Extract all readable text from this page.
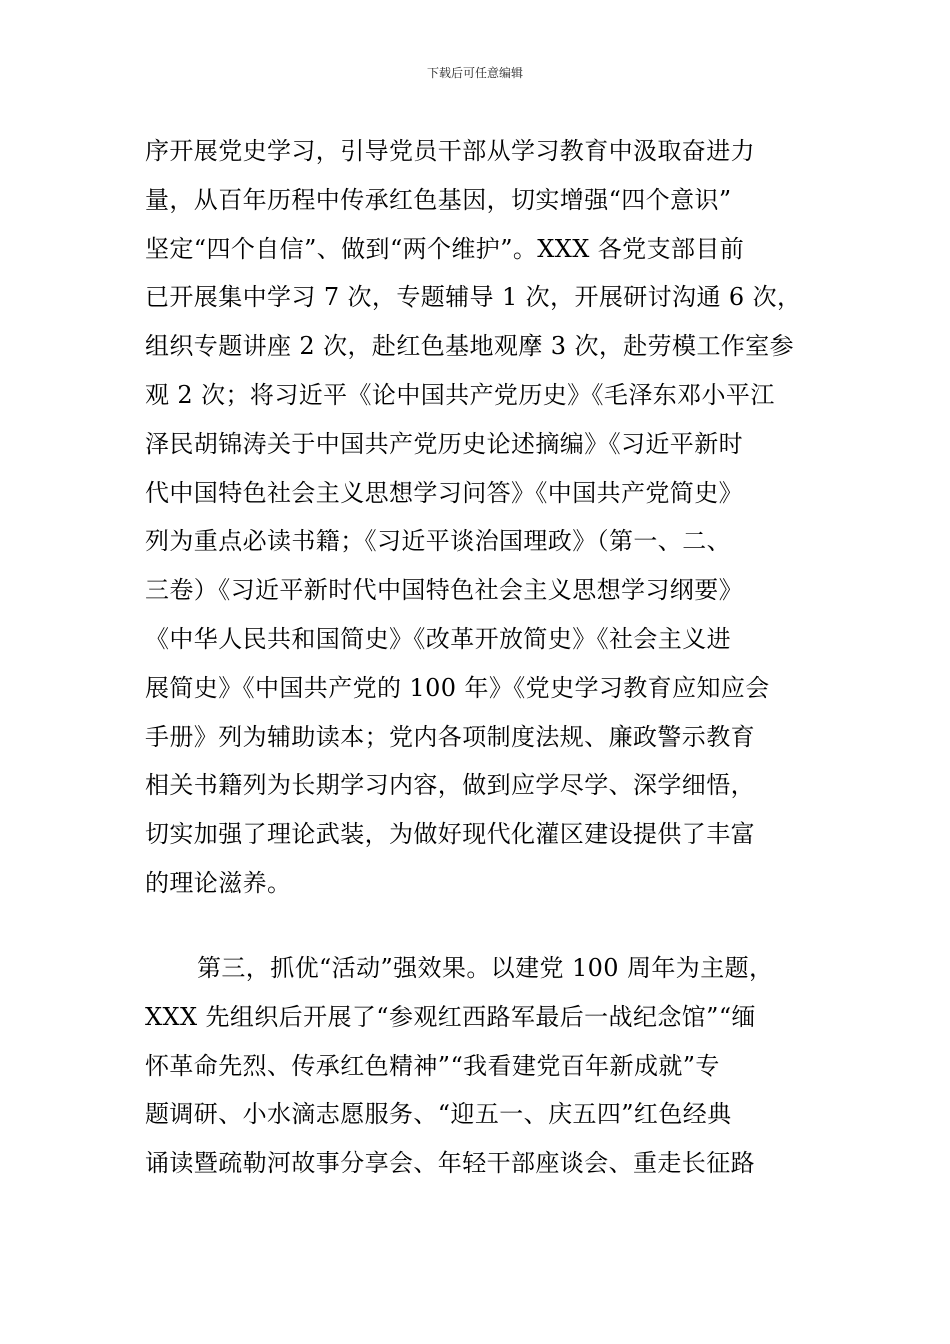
下载后可任意编辑
序开展党史学习，引导党员干部从学习教育中汲取奋进力
量，从百年历程中传承红色基因，切实增强“四个意识”
坚定“四个自信”、做到“两个维护”。XXX 各党支部目前
已开展集中学习 7 次，专题辅导 1 次，开展研讨沟通 6 次，
组织专题讲座 2 次，赴红色基地观摩 3 次，赴劳模工作室参
观 2 次；将习近平《论中国共产党历史》《毛泽东邓小平江
泽民胡锦涛关于中国共产党历史论述摘编》《习近平新时
代中国特色社会主义思想学习问答》《中国共产党简史》
列为重点必读书籍；《习近平谈治国理政》（第一、二、
三卷）《习近平新时代中国特色社会主义思想学习纲要》
《中华人民共和国简史》《改革开放简史》《社会主义进
展简史》《中国共产党的 100 年》《党史学习教育应知应会
手册》列为辅助读本；党内各项制度法规、廉政警示教育
相关书籍列为长期学习内容，做到应学尽学、深学细悟，
切实加强了理论武装，为做好现代化灌区建设提供了丰富
的理论滋养。
第三，抓优“活动”强效果。以建党 100 周年为主题，
XXX 先组织后开展了“参观红西路军最后一战纪念馆”“缅
怀革命先烈、传承红色精神”“我看建党百年新成就”专
题调研、小水滴志愿服务、“迎五一、庆五四”红色经典
诵读暨疏勒河故事分享会、年轻干部座谈会、重走长征路
